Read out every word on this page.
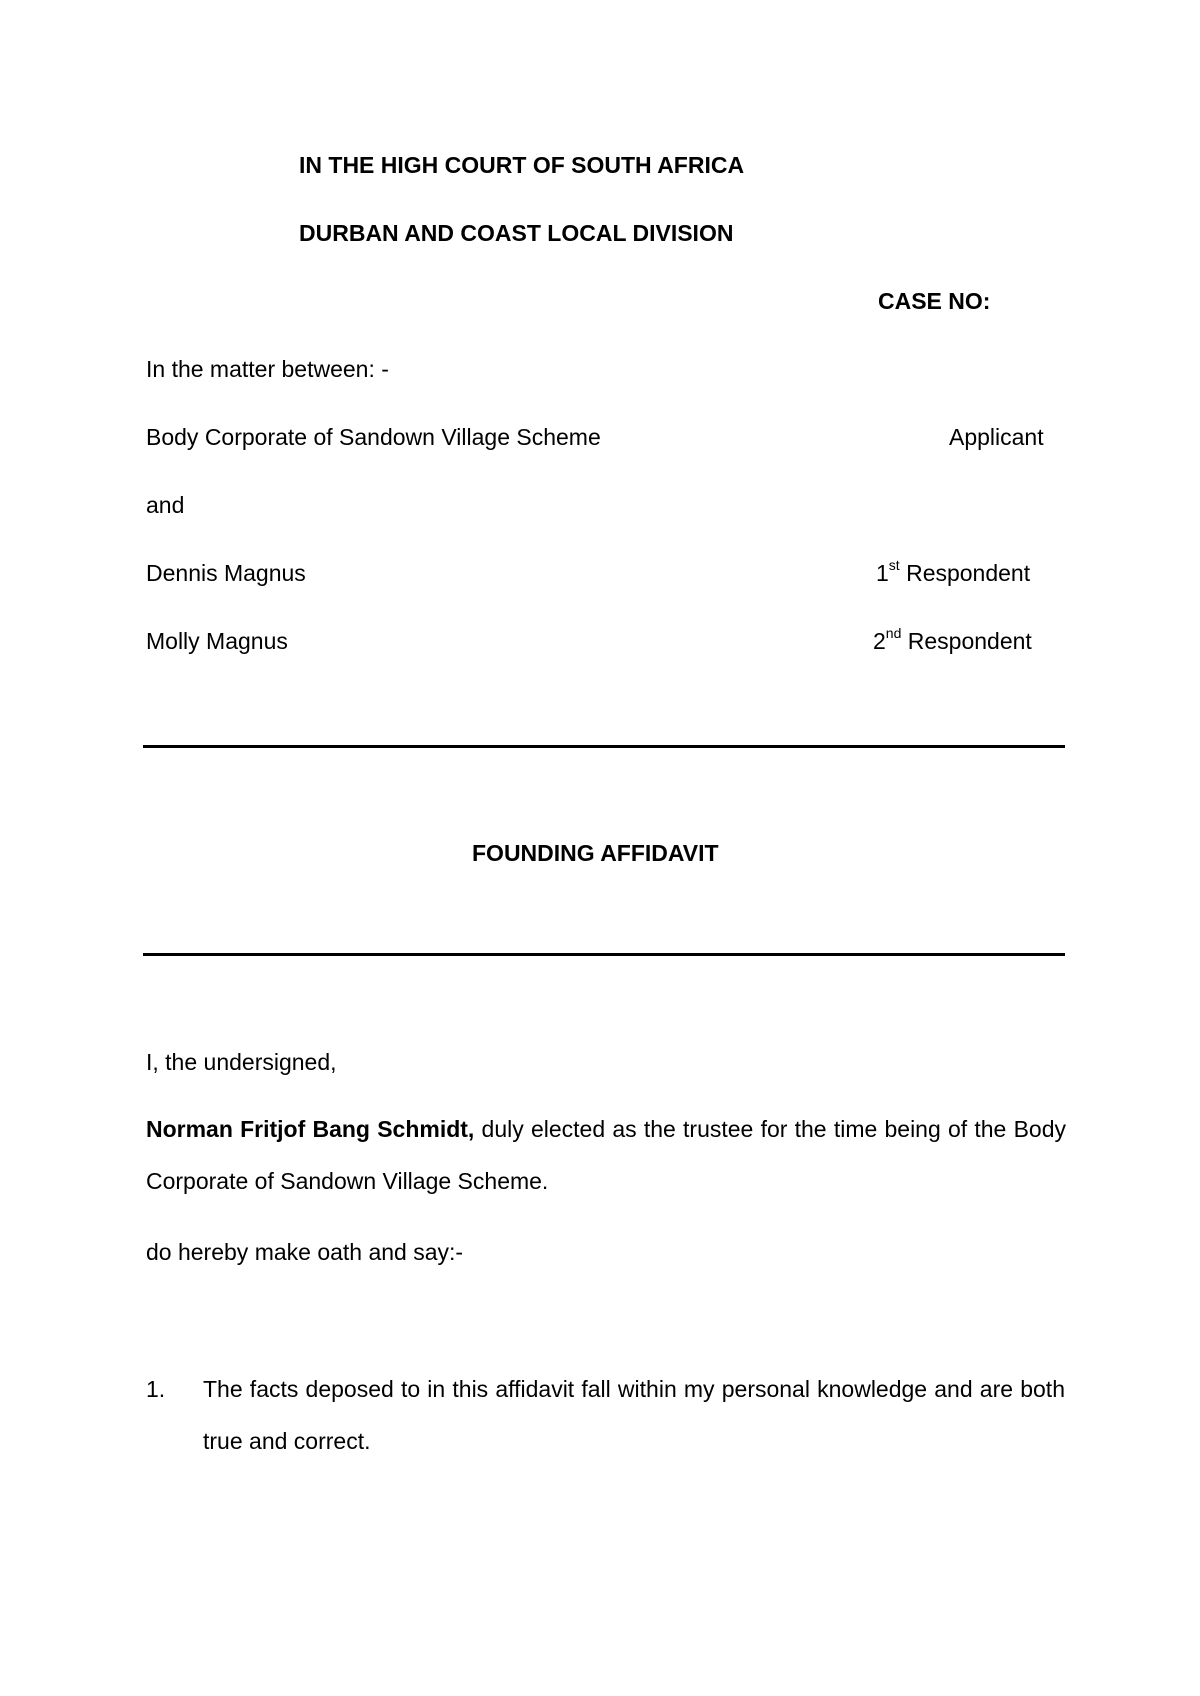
IN THE HIGH COURT OF SOUTH AFRICA
DURBAN AND COAST LOCAL DIVISION
CASE NO:
In the matter between: -
Body Corporate of Sandown Village Scheme	Applicant
and
Dennis Magnus	1st Respondent
Molly Magnus	2nd Respondent
FOUNDING AFFIDAVIT
I, the undersigned,
Norman Fritjof Bang Schmidt, duly elected as the trustee for the time being of the Body Corporate of Sandown Village Scheme.
do hereby make oath and say:-
1. The facts deposed to in this affidavit fall within my personal knowledge and are both true and correct.
